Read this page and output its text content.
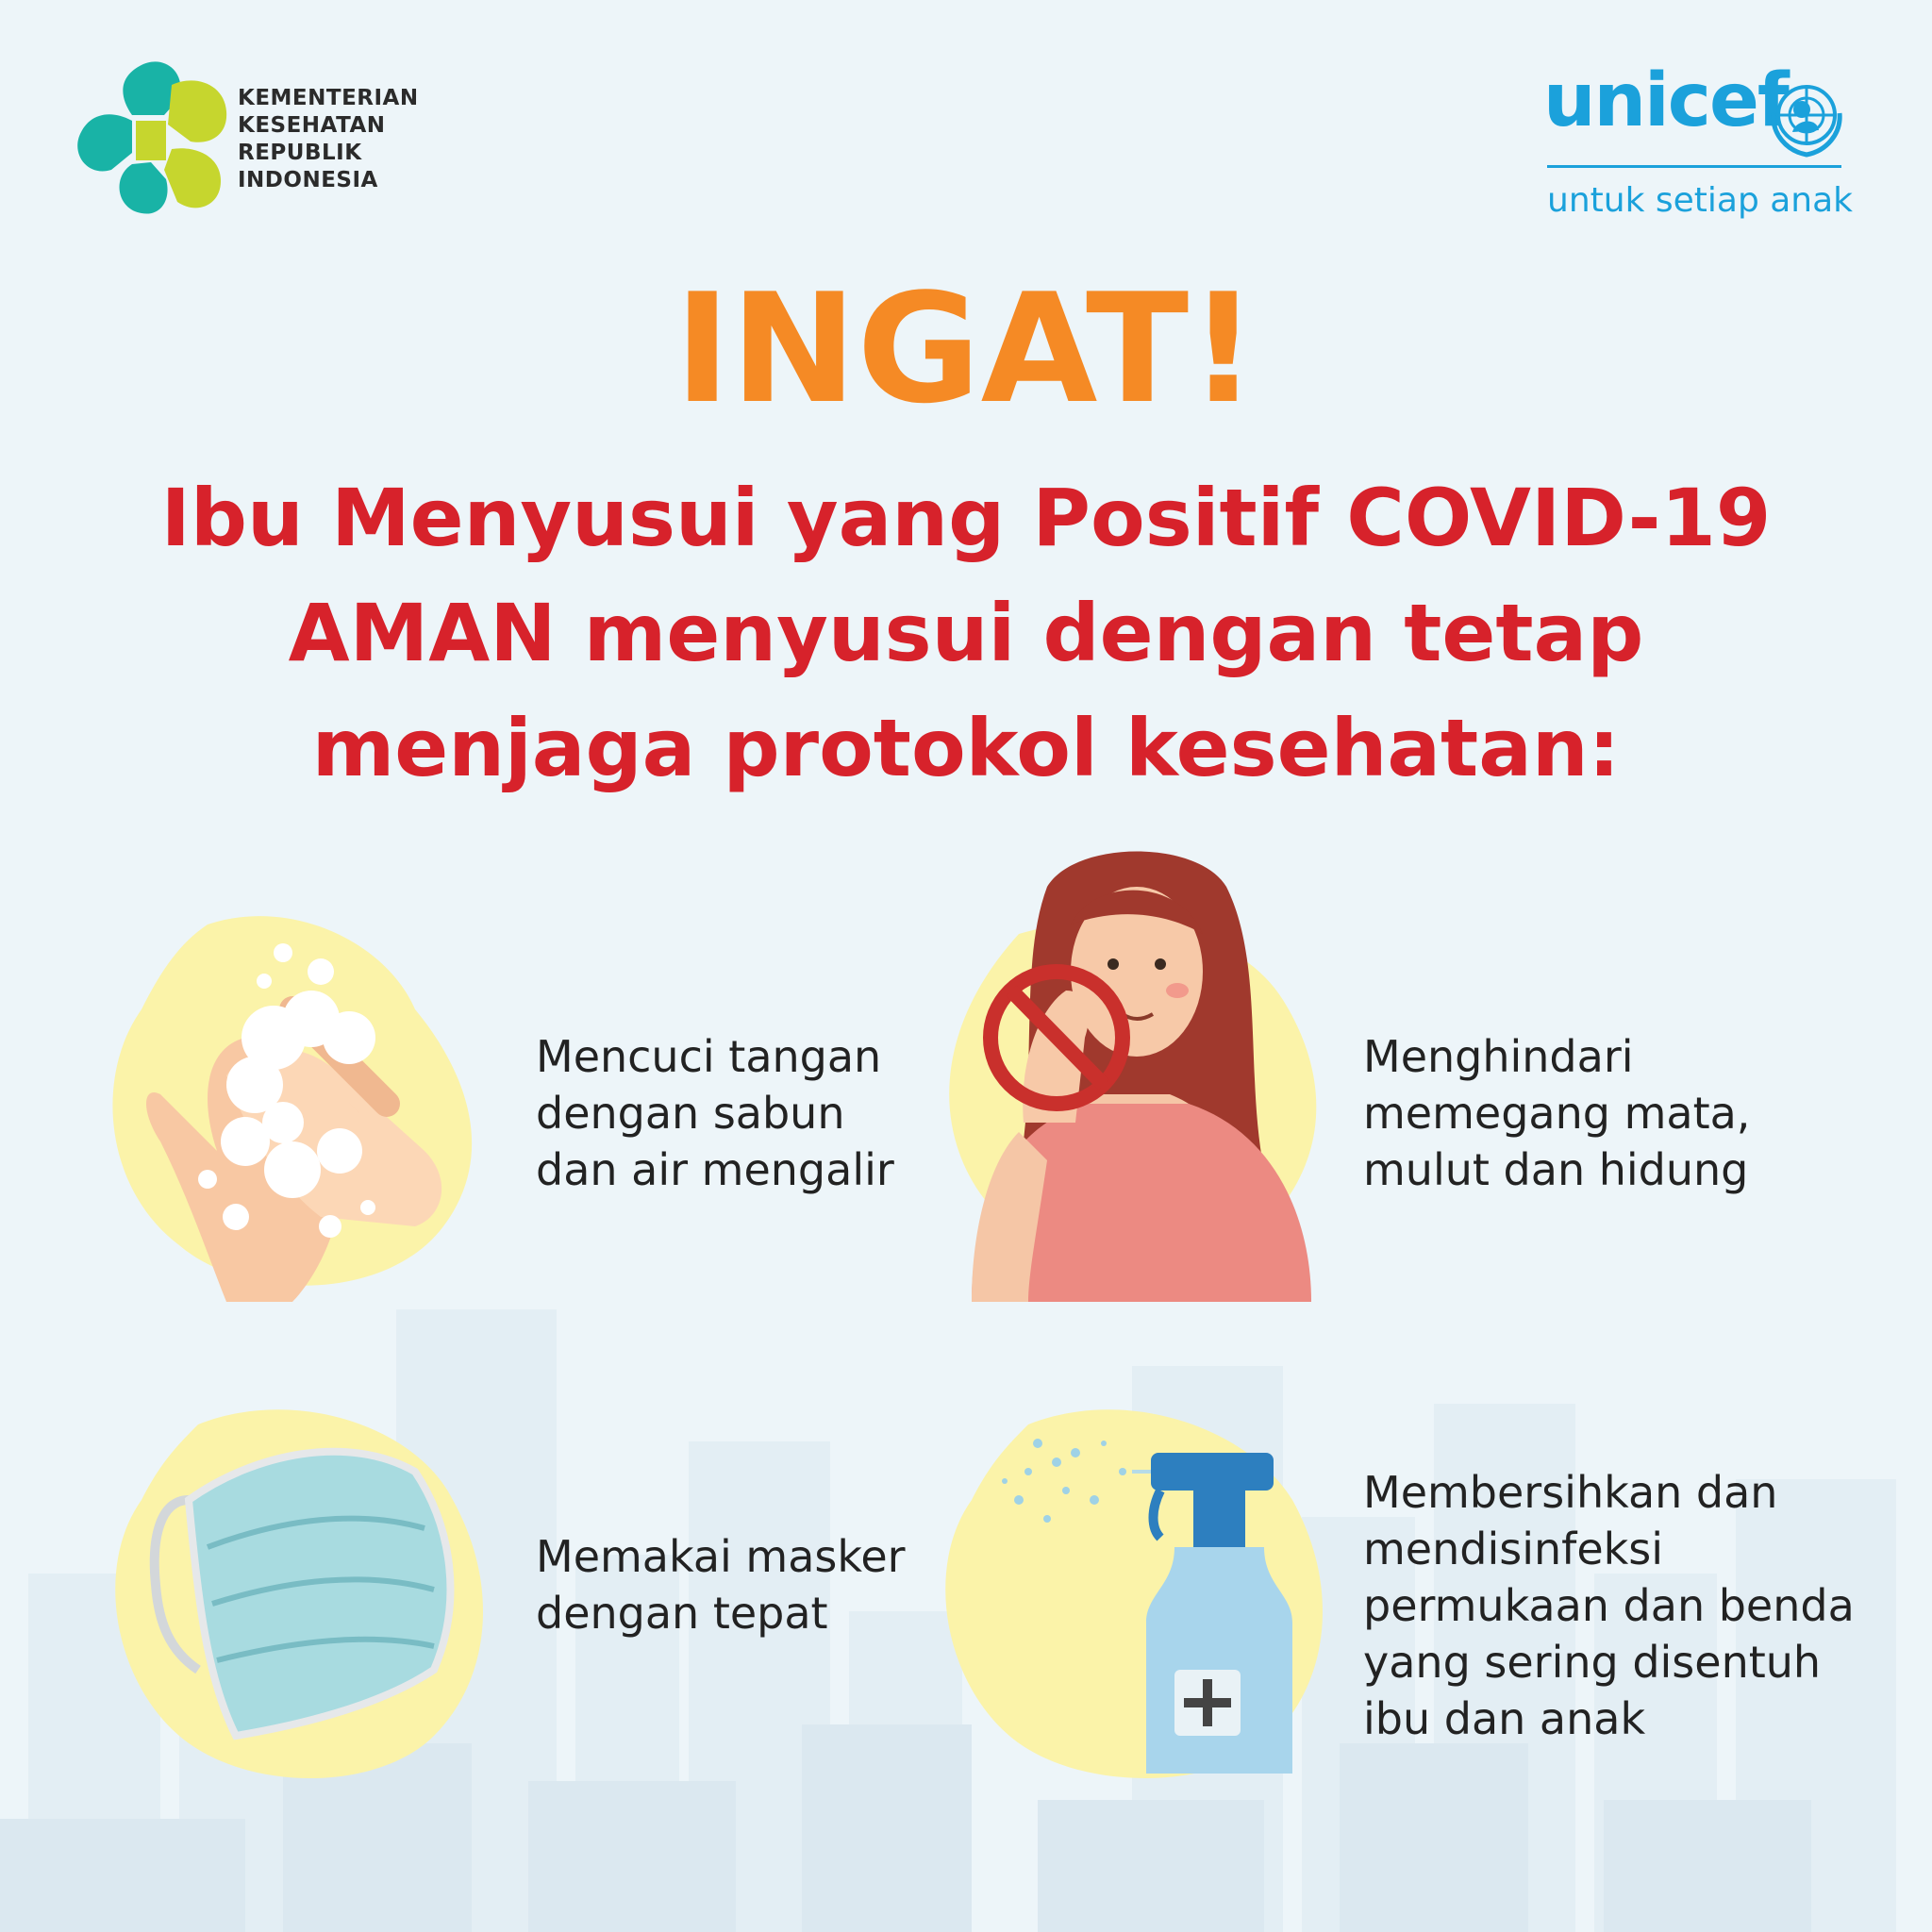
KEMENTERIAN
KESEHATAN
REPUBLIK
INDONESIA
unicef
untuk setiap anak
INGAT!
Ibu Menyusui yang Positif COVID-19
AMAN menyusui dengan tetap
menjaga protokol kesehatan:
Mencuci tangan
dengan sabun
dan air mengalir
Menghindari
memegang mata,
mulut dan hidung
Memakai masker
dengan tepat
Membersihkan dan
mendisinfeksi
permukaan dan benda
yang sering disentuh
ibu dan anak
